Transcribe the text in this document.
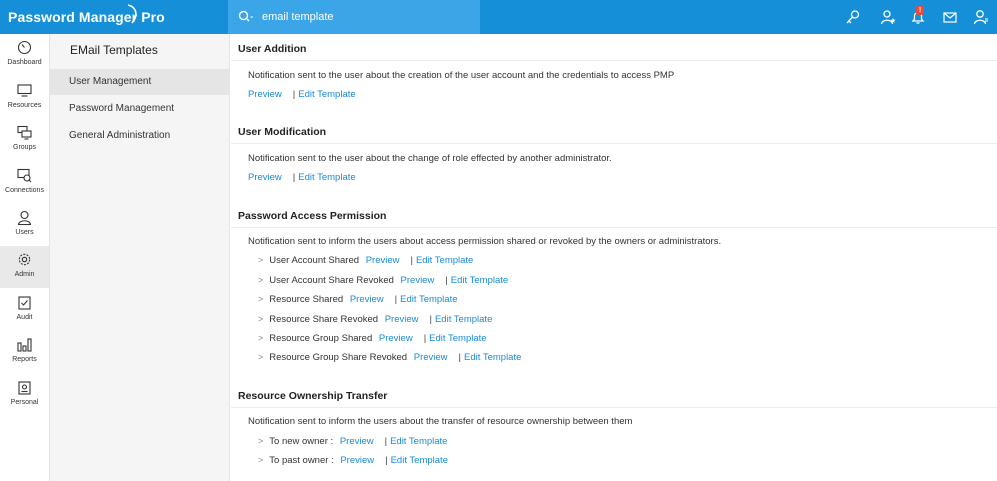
Password Manager Pro	email template
!
Dashboard
Resources
Groups
Connections
Users
Admin
Audit
Reports
Personal
EMail Templates
User Management
Password Management
General Administration
User Addition
Notification sent to the user about the creation of the user account and the credentials to access PMP
Preview | Edit Template
User Modification
Notification sent to the user about the change of role effected by another administrator.
Preview | Edit Template
Password Access Permission
Notification sent to inform the users about access permission shared or revoked by the owners or administrators.
> User Account Shared Preview | Edit Template
> User Account Share Revoked Preview | Edit Template
> Resource Shared Preview | Edit Template
> Resource Share Revoked Preview | Edit Template
> Resource Group Shared Preview | Edit Template
> Resource Group Share Revoked Preview | Edit Template
Resource Ownership Transfer
Notification sent to inform the users about the transfer of resource ownership between them
> To new owner : Preview | Edit Template
> To past owner : Preview | Edit Template
